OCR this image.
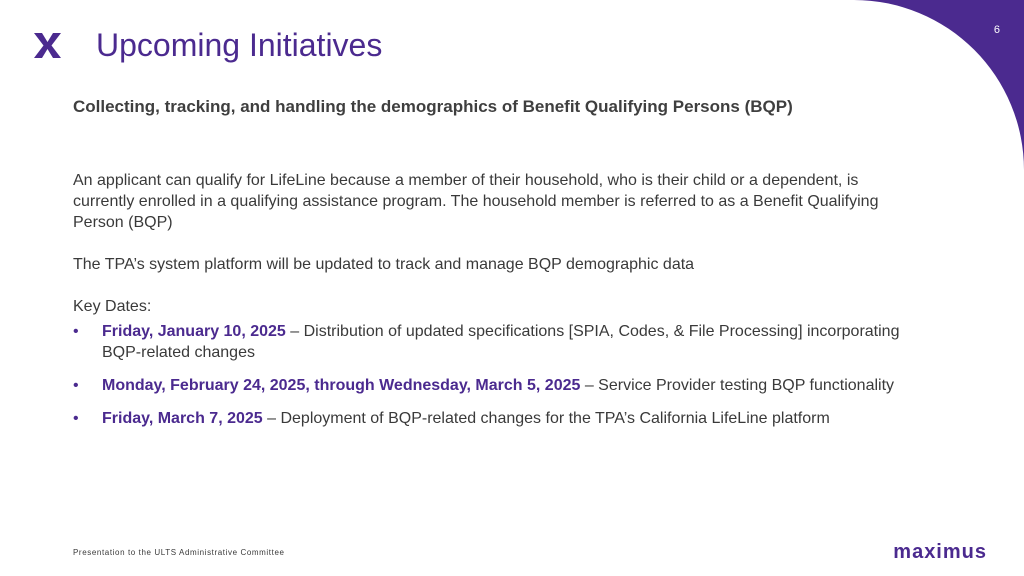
6
Upcoming Initiatives
Collecting, tracking, and handling the demographics of Benefit Qualifying Persons (BQP)

An applicant can qualify for LifeLine because a member of their household, who is their child or a dependent, is currently enrolled in a qualifying assistance program. The household member is referred to as a Benefit Qualifying Person (BQP)

The TPA’s system platform will be updated to track and manage BQP demographic data

Key Dates:

• Friday, January 10, 2025 – Distribution of updated specifications [SPIA, Codes, & File Processing] incorporating BQP-related changes
• Monday, February 24, 2025, through Wednesday, March 5, 2025 – Service Provider testing BQP functionality
• Friday, March 7, 2025 – Deployment of BQP-related changes for the TPA’s California LifeLine platform
Presentation to the ULTS Administrative Committee	maximus
